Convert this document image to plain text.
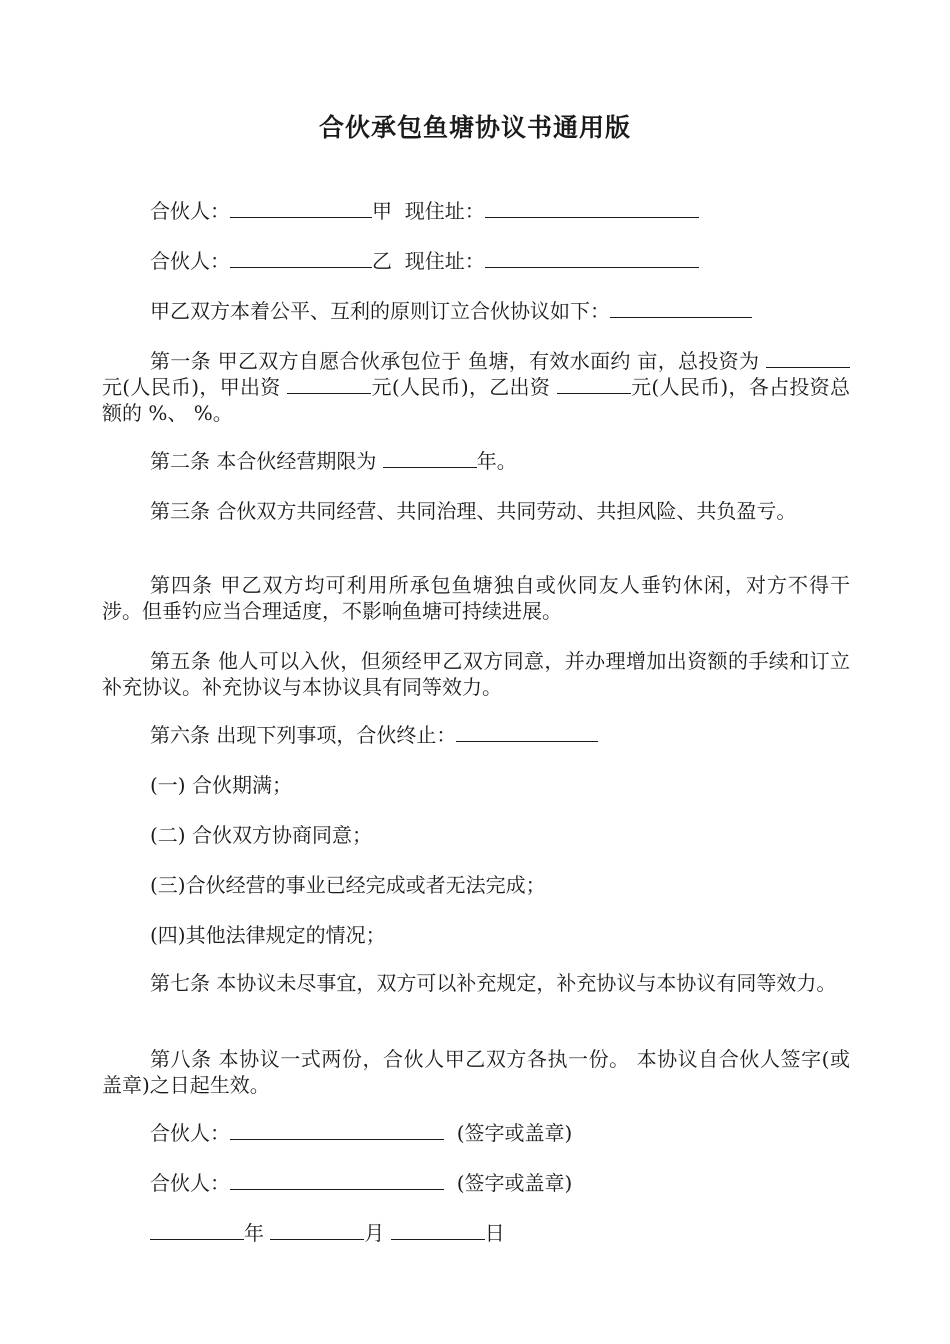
合伙承包鱼塘协议书通用版

合伙人：	甲 现住址：

合伙人：	乙 现住址：

甲乙双方本着公平、互利的原则订立合伙协议如下：

第一条 甲乙双方自愿合伙承包位于 鱼塘，有效水面约 亩，总投资为 元(人民币)，甲出资	元(人民币)，乙出资	元(人民币)，各占投资总额的 %、 %。

第二条 本合伙经营期限为	年。

第三条 合伙双方共同经营、共同治理、共同劳动、共担风险、共负盈亏。

第四条 甲乙双方均可利用所承包鱼塘独自或伙同友人垂钓休闲，对方不得干涉。但垂钓应当合理适度，不影响鱼塘可持续进展。

第五条 他人可以入伙，但须经甲乙双方同意，并办理增加出资额的手续和订立补充协议。补充协议与本协议具有同等效力。

第六条 出现下列事项，合伙终止：

(一) 合伙期满；

(二) 合伙双方协商同意；

(三)合伙经营的事业已经完成或者无法完成；

(四)其他法律规定的情况；

第七条 本协议未尽事宜，双方可以补充规定，补充协议与本协议有同等效力。

第八条 本协议一式两份，合伙人甲乙双方各执一份。 本协议自合伙人签字(或盖章)之日起生效。

合伙人：	(签字或盖章)

合伙人：	(签字或盖章)

年	月	日
